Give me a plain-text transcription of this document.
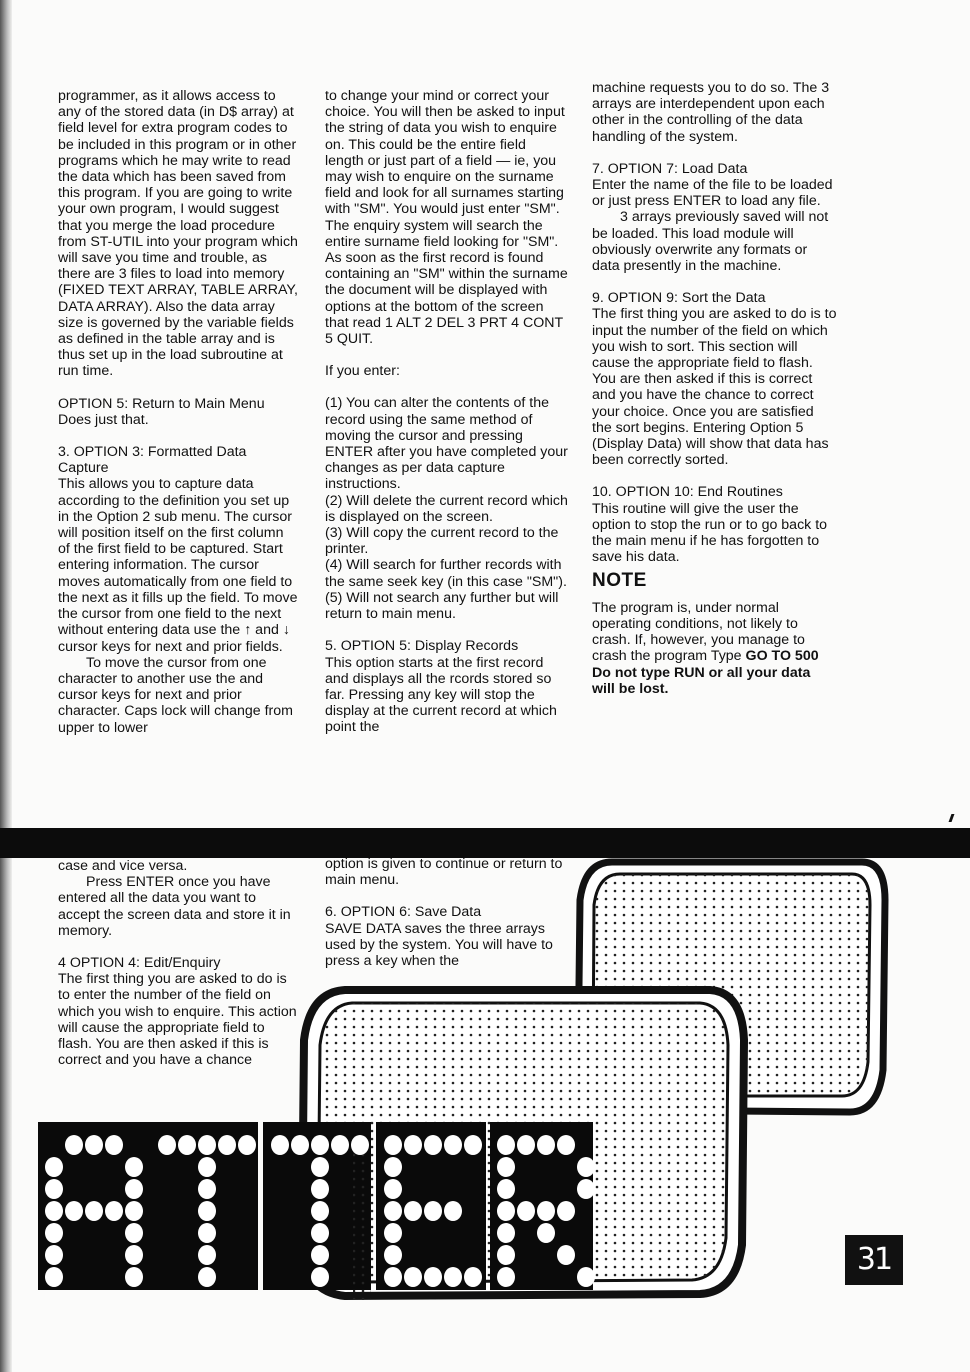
programmer, as it allows access to any of the stored data (in D$ array) at field level for extra program codes to be included in this program or in other programs which he may write to read the data which has been saved from this program. If you are going to write your own program, I would suggest that you merge the load procedure from ST-UTIL into your program which will save you time and trouble, as there are 3 files to load into memory (FIXED TEXT ARRAY, TABLE ARRAY, DATA ARRAY). Also the data array size is governed by the variable fields as defined in the table array and is thus set up in the load subroutine at run time.

OPTION 5: Return to Main Menu

Does just that.

3. OPTION 3: Formatted Data Capture
This allows you to capture data according to the definition you set up in the Option 2 sub menu. The cursor will position itself on the first column of the first field to be captured. Start entering information. The cursor moves automatically from one field to the next as it fills up the field. To move the cursor from one field to the next without entering data use the ↑ and ↓ cursor keys for next and prior fields.
To move the cursor from one character to another use the and cursor keys for next and prior character. Caps lock will change from upper to lower

to change your mind or correct your choice. You will then be asked to input the string of data you wish to enquire on. This could be the entire field length or just part of a field — ie, you may wish to enquire on the surname field and look for all surnames starting with "SM". You would just enter "SM". The enquiry system will search the entire surname field looking for "SM". As soon as the first record is found containing an "SM" within the surname the document will be displayed with options at the bottom of the screen that read 1 ALT 2 DEL 3 PRT 4 CONT 5 QUIT.

If you enter:

(1) You can alter the contents of the record using the same method of moving the cursor and pressing ENTER after you have completed your changes as per data capture instructions.
(2) Will delete the current record which is displayed on the screen.
(3) Will copy the current record to the printer.
(4) Will search for further records with the same seek key (in this case "SM").

(5) Will not search any further but will return to main menu.

5. OPTION 5: Display Records
This option starts at the first record and displays all the rcords stored so far. Pressing any key will stop the display at the current record at which point the

machine requests you to do so. The 3 arrays are interdependent upon each other in the controlling of the data handling of the system.

7. OPTION 7: Load Data
Enter the name of the file to be loaded or just press ENTER to load any file.

3 arrays previously saved will not be loaded. This load module will obviously overwrite any formats or data presently in the machine.

9. OPTION 9: Sort the Data

The first thing you are asked to do is to input the number of the field on which you wish to sort. This section will cause the appropriate field to flash. You are then asked if this is correct and you have the chance to correct your choice. Once you are satisfied the sort begins. Entering Option 5 (Display Data) will show that data has been correctly sorted.

10. OPTION 10: End Routines
This routine will give the user the option to stop the run or to go back to the main menu if he has forgotten to save his data.
NOTE
The program is, under normal operating conditions, not likely to crash. If, however, you manage to crash the program Type GO TO 500 Do not type RUN or all your data will be lost.
case and vice versa.

Press ENTER once you have entered all the data you want to accept the screen data and store it in memory.

4 OPTION 4: Edit/Enquiry
The first thing you are asked to do is to enter the number of the field on which you wish to enquire. This action will cause the appropriate field to flash. You are then asked if this is correct and you have a chance

option is given to continue or return to main menu.

6. OPTION 6: Save Data
SAVE DATA saves the three arrays used by the system. You will have to press a key when the
31
